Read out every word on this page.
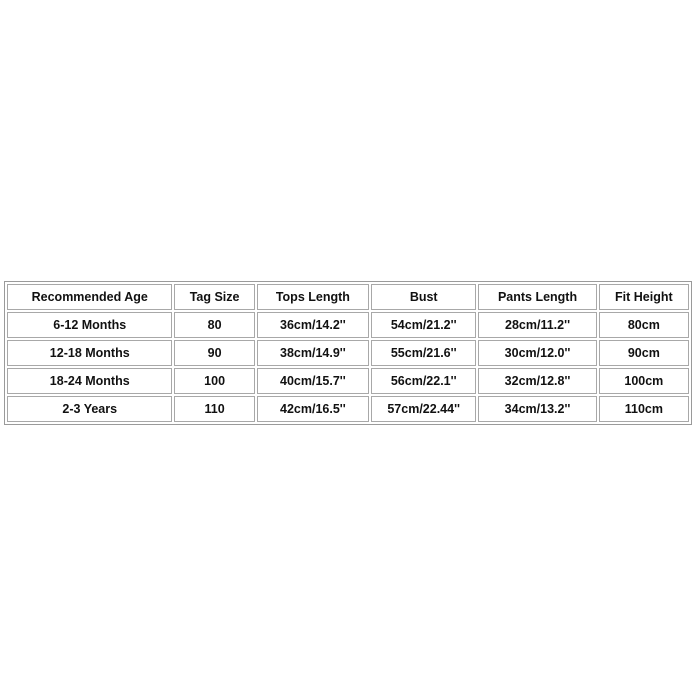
Recommended Age	Tag Size	Tops Length	Bust	Pants Length	Fit Height
6-12 Months	80	36cm/14.2''	54cm/21.2''	28cm/11.2''	80cm
12-18 Months	90	38cm/14.9''	55cm/21.6''	30cm/12.0''	90cm
18-24 Months	100	40cm/15.7''	56cm/22.1''	32cm/12.8''	100cm
2-3 Years	110	42cm/16.5''	57cm/22.44''	34cm/13.2''	110cm
